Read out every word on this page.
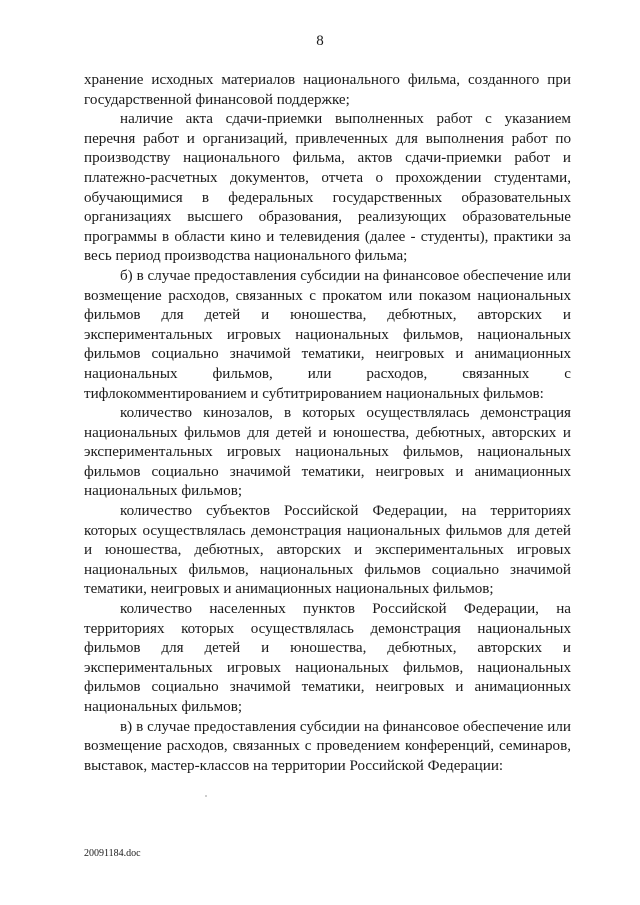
8

хранение исходных материалов национального фильма, созданного при государственной финансовой поддержке;

наличие акта сдачи-приемки выполненных работ с указанием перечня работ и организаций, привлеченных для выполнения работ по производству национального фильма, актов сдачи-приемки работ и платежно-расчетных документов, отчета о прохождении студентами, обучающимися в федеральных государственных образовательных организациях высшего образования, реализующих образовательные программы в области кино и телевидения (далее - студенты), практики за весь период производства национального фильма;

б) в случае предоставления субсидии на финансовое обеспечение или возмещение расходов, связанных с прокатом или показом национальных фильмов для детей и юношества, дебютных, авторских и экспериментальных игровых национальных фильмов, национальных фильмов социально значимой тематики, неигровых и анимационных национальных фильмов, или расходов, связанных с тифлокомментированием и субтитрированием национальных фильмов:

количество кинозалов, в которых осуществлялась демонстрация национальных фильмов для детей и юношества, дебютных, авторских и экспериментальных игровых национальных фильмов, национальных фильмов социально значимой тематики, неигровых и анимационных национальных фильмов;

количество субъектов Российской Федерации, на территориях которых осуществлялась демонстрация национальных фильмов для детей и юношества, дебютных, авторских и экспериментальных игровых национальных фильмов, национальных фильмов социально значимой тематики, неигровых и анимационных национальных фильмов;

количество населенных пунктов Российской Федерации, на территориях которых осуществлялась демонстрация национальных фильмов для детей и юношества, дебютных, авторских и экспериментальных игровых национальных фильмов, национальных фильмов социально значимой тематики, неигровых и анимационных национальных фильмов;

в) в случае предоставления субсидии на финансовое обеспечение или возмещение расходов, связанных с проведением конференций, семинаров, выставок, мастер-классов на территории Российской Федерации:

20091184.doc
